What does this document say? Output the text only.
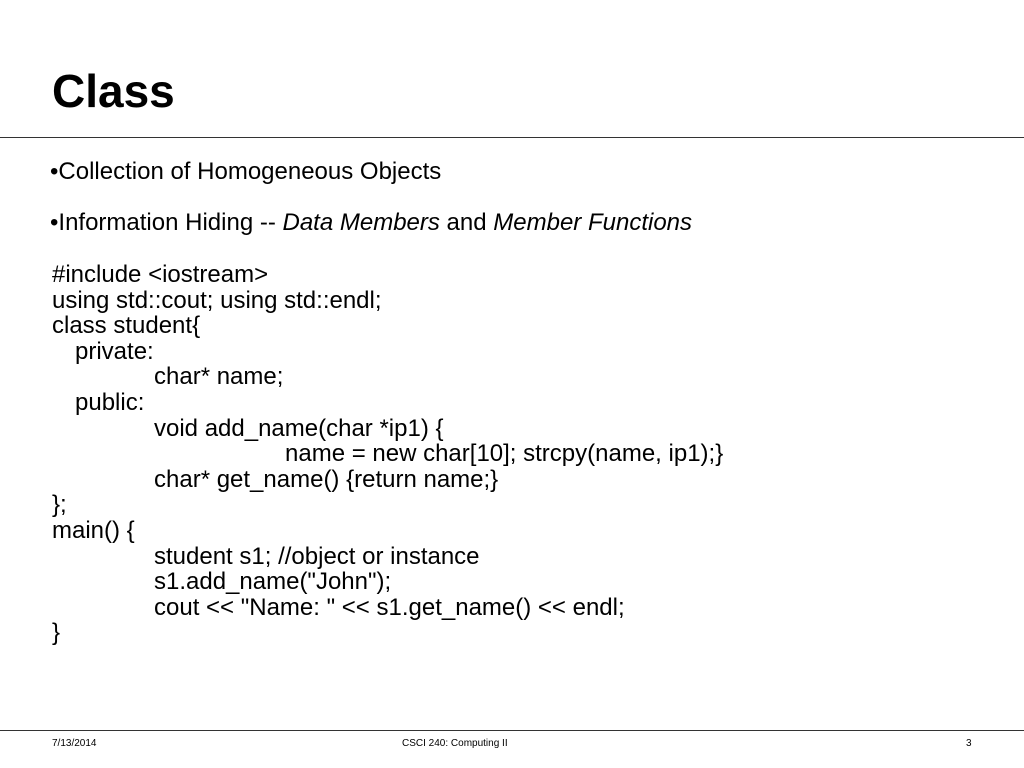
Class
•Collection of Homogeneous Objects
•Information Hiding -- Data Members and Member Functions
#include <iostream>
using std::cout; using std::endl;
class student{
private:
char* name;
public:
void add_name(char *ip1) {
name = new char[10]; strcpy(name, ip1);}
char* get_name() {return name;}
};
main() {
student s1; //object or instance
s1.add_name("John");
cout << "Name: " << s1.get_name() << endl;
}
7/13/2014	CSCI 240: Computing II	3
